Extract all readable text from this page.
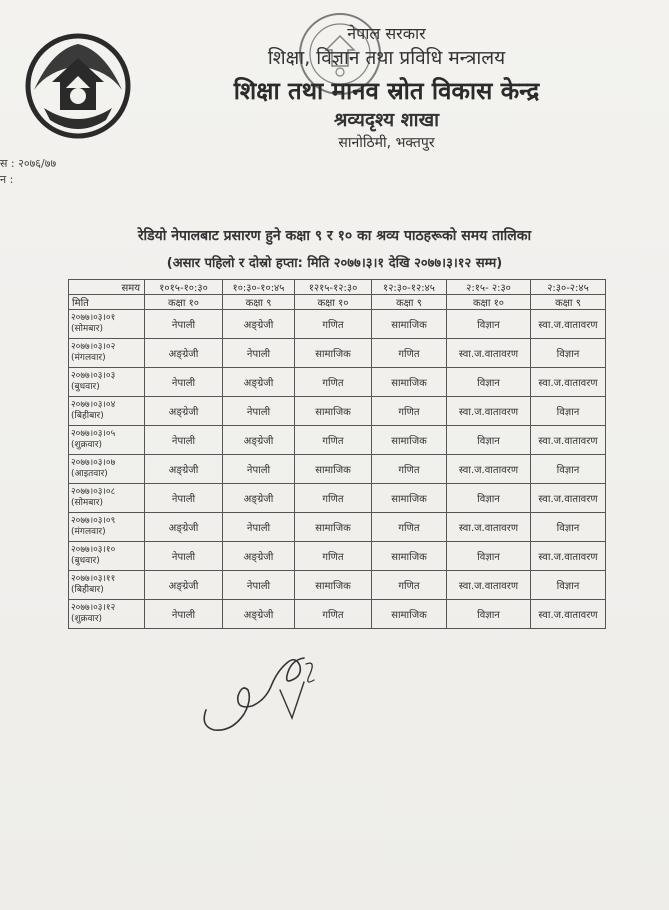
नेपाल सरकार
शिक्षा, विज्ञान तथा प्रविधि मन्त्रालय
शिक्षा तथा मानव स्रोत विकास केन्द्र
श्रव्यदृश्य शाखा
सानोठिमी, भक्तपुर
स : २०७६/७७
न :
रेडियो नेपालबाट प्रसारण हुने कक्षा ९ र १० का श्रव्य पाठहरूको समय तालिका
(असार पहिलो र दोस्रो हप्ता: मिति २०७७।३।१ देखि २०७७।३।१२ सम्म)
समय	१०१५-१०:३०	१०:३०-१०:४५	१२१५-१२:३०	१२:३०-१२:४५	२:१५- २:३०	२:३०-२:४५
मिति	कक्षा १०	कक्षा ९	कक्षा १०	कक्षा ९	कक्षा १०	कक्षा ९

२०७७।०३।०१
(सोमबार)	नेपाली	अङ्ग्रेजी	गणित	सामाजिक	विज्ञान	स्वा.ज.वातावरण

२०७७।०३।०२
(मंगलवार)	अङ्ग्रेजी	नेपाली	सामाजिक	गणित	स्वा.ज.वातावरण	विज्ञान

२०७७।०३।०३
(बुधवार)	नेपाली	अङ्ग्रेजी	गणित	सामाजिक	विज्ञान	स्वा.ज.वातावरण

२०७७।०३।०४
(बिहीबार)	अङ्ग्रेजी	नेपाली	सामाजिक	गणित	स्वा.ज.वातावरण	विज्ञान

२०७७।०३।०५
(शुक्रवार)	नेपाली	अङ्ग्रेजी	गणित	सामाजिक	विज्ञान	स्वा.ज.वातावरण

२०७७।०३।०७
(आइतवार)	अङ्ग्रेजी	नेपाली	सामाजिक	गणित	स्वा.ज.वातावरण	विज्ञान

२०७७।०३।०८
(सोमबार)	नेपाली	अङ्ग्रेजी	गणित	सामाजिक	विज्ञान	स्वा.ज.वातावरण

२०७७।०३।०९
(मंगलवार)	अङ्ग्रेजी	नेपाली	सामाजिक	गणित	स्वा.ज.वातावरण	विज्ञान

२०७७।०३।१०
(बुधवार)	नेपाली	अङ्ग्रेजी	गणित	सामाजिक	विज्ञान	स्वा.ज.वातावरण

२०७७।०३।११
(बिहीबार)	अङ्ग्रेजी	नेपाली	सामाजिक	गणित	स्वा.ज.वातावरण	विज्ञान

२०७७।०३।१२
(शुक्रवार)	नेपाली	अङ्ग्रेजी	गणित	सामाजिक	विज्ञान	स्वा.ज.वातावरण
